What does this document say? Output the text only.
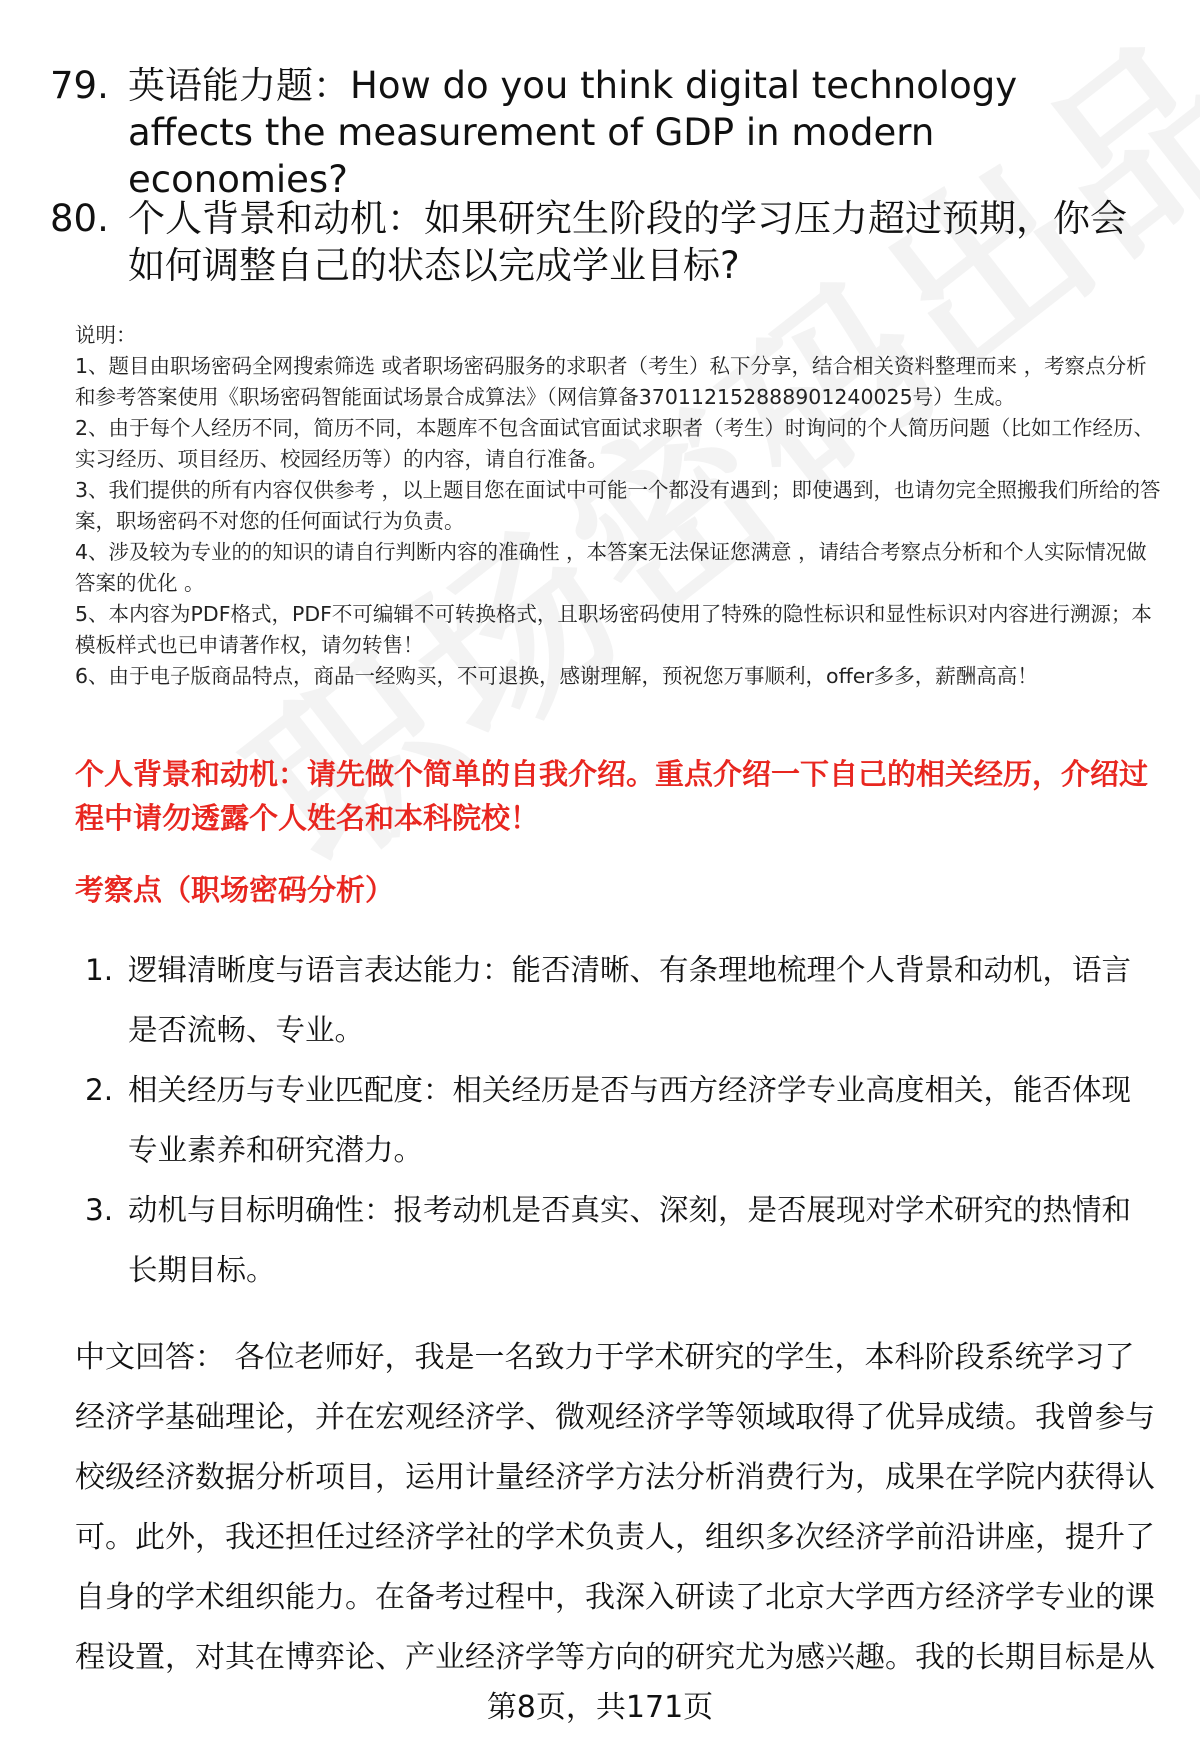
79. 英语能力题：How do you think digital technology affects the measurement of GDP in modern economies?
80. 个人背景和动机：如果研究生阶段的学习压力超过预期，你会如何调整自己的状态以完成学业目标?

说明：

1、题目由职场密码全网搜索筛选 或者职场密码服务的求职者（考生）私下分享，结合相关资料整理而来 ，考察点分析和参考答案使用《职场密码智能面试场景合成算法》（网信算备370112152888901240025号）生成。

2、由于每个人经历不同，简历不同，本题库不包含面试官面试求职者（考生）时询问的个人简历问题（比如工作经历、实习经历、项目经历、校园经历等）的内容，请自行准备。

3、我们提供的所有内容仅供参考 ，以上题目您在面试中可能一个都没有遇到；即使遇到，也请勿完全照搬我们所给的答案，职场密码不对您的任何面试行为负责。

4、涉及较为专业的的知识的请自行判断内容的准确性 ，本答案无法保证您满意 ，请结合考察点分析和个人实际情况做答案的优化 。

5、本内容为PDF格式，PDF不可编辑不可转换格式，且职场密码使用了特殊的隐性标识和显性标识对内容进行溯源；本模板样式也已申请著作权，请勿转售！

6、由于电子版商品特点，商品一经购买，不可退换，感谢理解，预祝您万事顺利，offer多多，薪酬高高！

个人背景和动机：请先做个简单的自我介绍。重点介绍一下自己的相关经历，介绍过程中请勿透露个人姓名和本科院校！
考察点（职场密码分析）
1. 逻辑清晰度与语言表达能力：能否清晰、有条理地梳理个人背景和动机，语言是否流畅、专业。
2. 相关经历与专业匹配度：相关经历是否与西方经济学专业高度相关，能否体现专业素养和研究潜力。
3. 动机与目标明确性：报考动机是否真实、深刻，是否展现对学术研究的热情和长期目标。
中文回答： 各位老师好，我是一名致力于学术研究的学生，本科阶段系统学习了经济学基础理论，并在宏观经济学、微观经济学等领域取得了优异成绩。我曾参与校级经济数据分析项目，运用计量经济学方法分析消费行为，成果在学院内获得认可。此外，我还担任过经济学社的学术负责人，组织多次经济学前沿讲座，提升了自身的学术组织能力。在备考过程中，我深入研读了北京大学西方经济学专业的课程设置，对其在博弈论、产业经济学等方向的研究尤为感兴趣。我的长期目标是从
第8页，共171页
